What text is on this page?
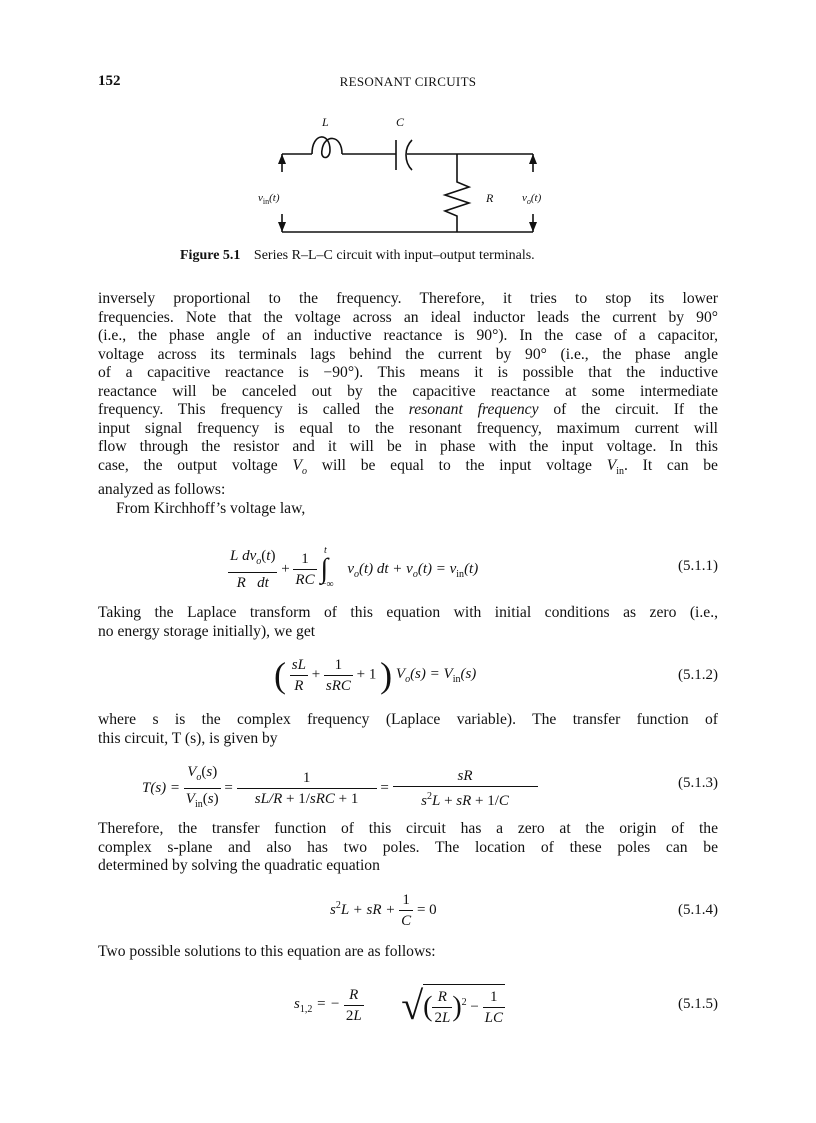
152	RESONANT CIRCUITS
L	C
R
$v_{in}(t)$	$v_o(t)$
Figure 5.1 Series R–L–C circuit with input–output terminals.
inversely proportional to the frequency. Therefore, it tries to stop its lower
frequencies. Note that the voltage across an ideal inductor leads the current by 90°
(i.e., the phase angle of an inductive reactance is 90°). In the case of a capacitor,
voltage across its terminals lags behind the current by 90° (i.e., the phase angle
of a capacitive reactance is −90°). This means it is possible that the inductive
reactance will be canceled out by the capacitive reactance at some intermediate
frequency. This frequency is called the resonant frequency of the circuit. If the
input signal frequency is equal to the resonant frequency, maximum current will
flow through the resistor and it will be in phase with the input voltage. In this
case, the output voltage $V_o$ will be equal to the input voltage $V_{in}$. It can be
analyzed as follows:
From Kirchhoff’s voltage law,
$\frac{L dv_o(t)}{\text{R dt}} + \frac{1}{RC} \int^t_{-\infty}$ $v_o(t)$ dt + $v_o(t) = v_{in}(t)$	(5.1.1)
Taking the Laplace transform of this equation with initial conditions as zero (i.e.,
no energy storage initially), we get
( $\frac{sL}{R} + \frac{1}{\text{sRC}} + 1$ ) $V_o(s) = V_{in}(s)$	(5.1.2)
where s is the complex frequency (Laplace variable). The transfer function of
this circuit, T (s), is given by
$T(s) = \frac{V_o(s)}{V_{in}(s)} = \frac{1}{\text{sL/R + 1/sRC + 1}} = \frac{sR}{s^2L + sR + 1/C}$	(5.1.3)
Therefore, the transfer function of this circuit has a zero at the origin of the
complex s-plane and also has two poles. The location of these poles can be
determined by solving the quadratic equation
$s^2L$ + sR + $\frac{1}{C} = 0$	(5.1.4)
Two possible solutions to this equation are as follows:
$s_{1,2}$ = − $\frac{R}{2L}$ √( $\frac{R}{2L} )^2 - \frac{1}{LC}$	(5.1.5)
